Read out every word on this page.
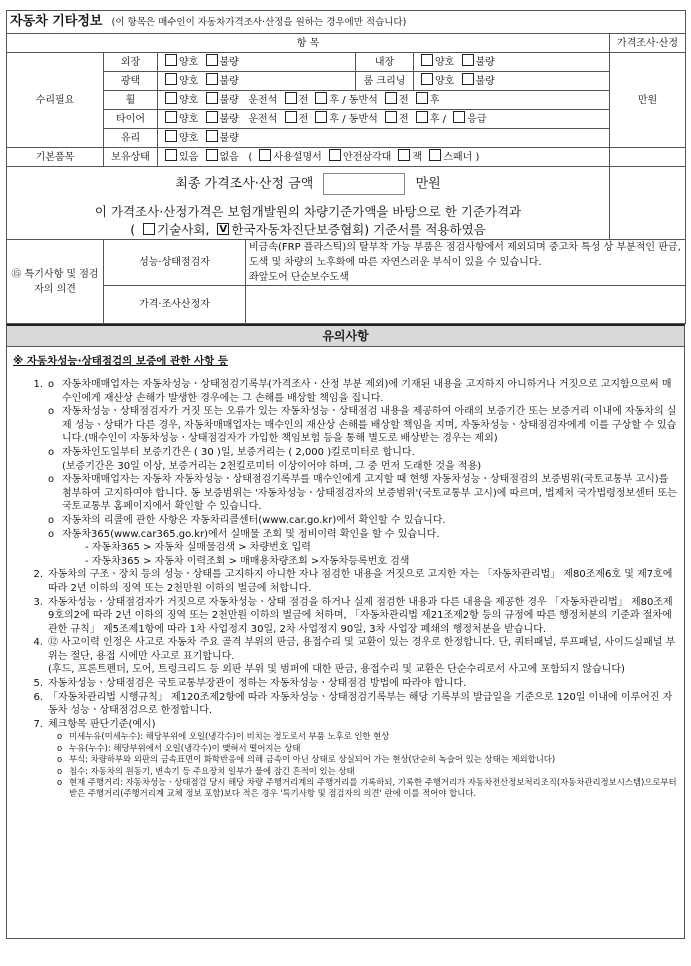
자동차 기타정보 (이 항목은 매수인이 자동차가격조사·산정을 원하는 경우에만 적습니다)						
항 목						가격조사·산정
수리필요	외장	양호 불량		내장	양호 불량	만원
	광택	양호 불량		룸 크리닝	양호 불량	
	휠	양호 불량 운전석 전 후 / 동반석 전 후				
	타이어	양호 불량 운전석 전 후 / 동반석 전 후 / 응급				
	유리	양호 불량				
기본품목	보유상태	있음 없음 ( 사용설명서 안전삼각대 잭 스패너 )				

최종 가격조사·산정 금액 만원
이 가격조사·산정가격은 보험개발원의 차량기준가액을 바탕으로 한 기준가격과
( 기술사회, V 한국자동차진단보증협회) 기준서를 적용하였음

⑮ 특기사항 및 점검자의 의견	성능·상태점검자		비금속(FRP 플라스틱)의 탈부착 가능 부품은 점검사항에서 제외되며 중고차 특성 상 부분적인 판금,도색 및 차량의 노후화에 따른 자연스러운 부식이 있을 수 있습니다.
좌앞도어 단순보수도색			

	가격·조사산정자					
유의사항
※ 자동차성능·상태점검의 보증에 관한 사항 등
1. o 자동차매매업자는 자동차성능ㆍ상태점검기록부(가격조사ㆍ산정 부분 제외)에 기재된 내용을 고지하지 아니하거나 거짓으로 고지함으로써 매수인에게 재산상 손해가 발생한 경우에는 그 손해를 배상할 책임을 집니다.
o 자동차성능ㆍ상태점검자가 거짓 또는 오류가 있는 자동차성능ㆍ상태점검 내용을 제공하여 아래의 보증기간 또는 보증거리 이내에 자동차의 실제 성능ㆍ상태가 다른 경우, 자동차매매업자는 매수인의 재산상 손해를 배상할 책임을 지며, 자동차성능ㆍ상태점검자에게 이를 구상할 수 있습니다.(매수인이 자동차성능ㆍ상태점검자가 가입한 책임보험 등을 통해 별도로 배상받는 경우는 제외)
o 자동차인도일부터 보증기간은 ( 30 )일, 보증거리는 ( 2,000 )킬로미터로 합니다.
(보증기간은 30일 이상, 보증거리는 2천킬로미터 이상이어야 하며, 그 중 먼저 도래한 것을 적용)
o 자동차매매업자는 자동차 자동차성능ㆍ상태점검기록부를 매수인에게 고지할 때 현행 자동차성능ㆍ상태점검의 보증범위(국토교통부 고시)를 첨부하여 고지하여야 합니다. 동 보증범위는 '자동차성능ㆍ상태점검자의 보증범위'(국토교통부 고시)에 따르며, 법제처 국가법령정보센터 또는 국토교통부 홈페이지에서 확인할 수 있습니다.
o 자동차의 리콜에 관한 사항은 자동차리콜센터(www.car.go.kr)에서 확인할 수 있습니다.
o 자동차365(www.car365.go.kr)에서 실매물 조회 및 정비이력 확인을 할 수 있습니다.
- 자동차365 > 자동차 실매물검색 > 차량번호 입력
- 자동차365 > 자동차 이력조회 > 매매용차량조회 >자동차등록번호 검색
2. 자동차의 구조ㆍ장치 등의 성능ㆍ상태를 고지하지 아니한 자나 점검한 내용을 거짓으로 고지한 자는 「자동차관리법」 제80조제6호 및 제7호에 따라 2년 이하의 징역 또는 2천만원 이하의 벌금에 처합니다.
3. 자동차성능ㆍ상태점검자가 거짓으로 자동차성능ㆍ상태 점검을 하거나 실제 점검한 내용과 다른 내용을 제공한 경우 「자동차관리법」 제80조제9호의2에 따라 2년 이하의 징역 또는 2천만원 이하의 벌금에 처하며, 「자동차관리법 제21조제2항 등의 규정에 따른 행정처분의 기준과 절차에 관한 규칙」 제5조제1항에 따라 1차 사업정지 30일, 2차 사업정지 90일, 3차 사업장 폐쇄의 행정처분을 받습니다.
4. ⑫ 사고이력 인정은 사고로 자동차 주요 골격 부위의 판금, 용접수리 및 교환이 있는 경우로 한정합니다. 단, 쿼터패널, 루프패널, 사이드실패널 부위는 절단, 용접 시에만 사고로 표기합니다.
(후드, 프론트펜더, 도어, 트렁크리드 등 외판 부위 및 범퍼에 대한 판금, 용접수리 및 교환은 단순수리로서 사고에 포함되지 않습니다)
5. 자동차성능ㆍ상태점검은 국토교통부장관이 정하는 자동차성능ㆍ상태점검 방법에 따라야 합니다.
6. 「자동차관리법 시행규칙」 제120조제2항에 따라 자동차성능ㆍ상태점검기록부는 해당 기록부의 발급일을 기준으로 120일 이내에 이루어진 자동차 성능ㆍ상태점검으로 한정합니다.
7. 체크항목 판단기준(예시)
o 미세누유(미세누수): 해당부위에 오일(냉각수)이 비치는 정도로서 부품 노후로 인한 현상
o 누유(누수): 해당부위에서 오일(냉각수)이 맺혀서 떨어지는 상태
o 부식: 차량하부와 외판의 금속표면이 화학반응에 의해 금속이 아닌 상태로 상실되어 가는 현상(단순히 녹슬어 있는 상태는 제외합니다)
o 침수: 자동차의 원동기, 변속기 등 주요장치 일부가 물에 잠긴 흔적이 있는 상태
o 현재 주행거리: 자동차성능ㆍ상태점검 당시 해당 차량 주행거리계의 주행거리를 기록하되, 기록한 주행거리가 자동차전산정보처리조직(자동차관리정보시스템)으로부터 받은 주행거리(주행거리계 교체 정보 포함)보다 적은 경우 '특기사항 및 점검자의 의견' 란에 이를 적어야 합니다.
